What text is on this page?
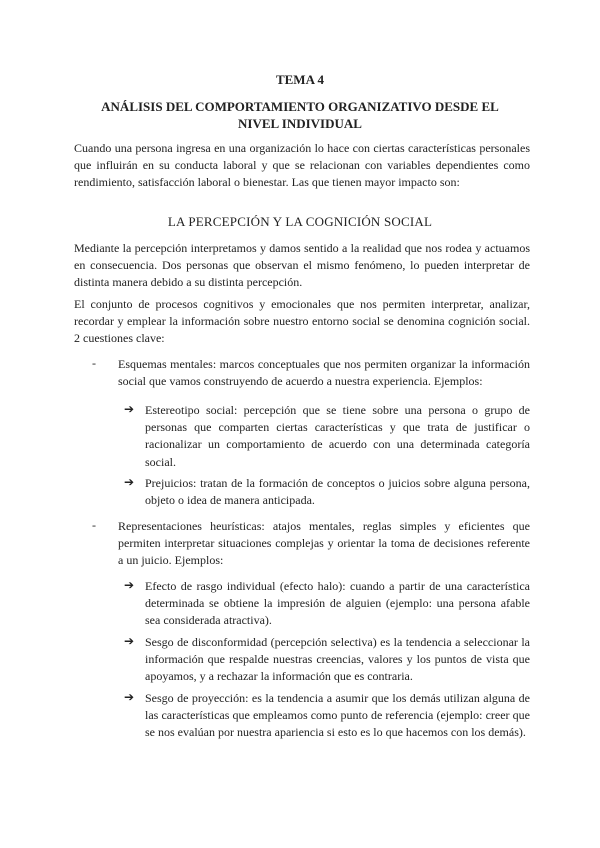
TEMA 4
ANÁLISIS DEL COMPORTAMIENTO ORGANIZATIVO DESDE EL NIVEL INDIVIDUAL

Cuando una persona ingresa en una organización lo hace con ciertas características personales que influirán en su conducta laboral y que se relacionan con variables dependientes como rendimiento, satisfacción laboral o bienestar. Las que tienen mayor impacto son:

LA PERCEPCIÓN Y LA COGNICIÓN SOCIAL

Mediante la percepción interpretamos y damos sentido a la realidad que nos rodea y actuamos en consecuencia. Dos personas que observan el mismo fenómeno, lo pueden interpretar de distinta manera debido a su distinta percepción.

El conjunto de procesos cognitivos y emocionales que nos permiten interpretar, analizar, recordar y emplear la información sobre nuestro entorno social se denomina cognición social. 2 cuestiones clave:

- Esquemas mentales: marcos conceptuales que nos permiten organizar la información social que vamos construyendo de acuerdo a nuestra experiencia. Ejemplos:
➔ Estereotipo social: percepción que se tiene sobre una persona o grupo de personas que comparten ciertas características y que trata de justificar o racionalizar un comportamiento de acuerdo con una determinada categoría social.
➔ Prejuicios: tratan de la formación de conceptos o juicios sobre alguna persona, objeto o idea de manera anticipada.
- Representaciones heurísticas: atajos mentales, reglas simples y eficientes que permiten interpretar situaciones complejas y orientar la toma de decisiones referente a un juicio. Ejemplos:
➔ Efecto de rasgo individual (efecto halo): cuando a partir de una característica determinada se obtiene la impresión de alguien (ejemplo: una persona afable sea considerada atractiva).
➔ Sesgo de disconformidad (percepción selectiva) es la tendencia a seleccionar la información que respalde nuestras creencias, valores y los puntos de vista que apoyamos, y a rechazar la información que es contraria.
➔ Sesgo de proyección: es la tendencia a asumir que los demás utilizan alguna de las características que empleamos como punto de referencia (ejemplo: creer que se nos evalúan por nuestra apariencia si esto es lo que hacemos con los demás).
